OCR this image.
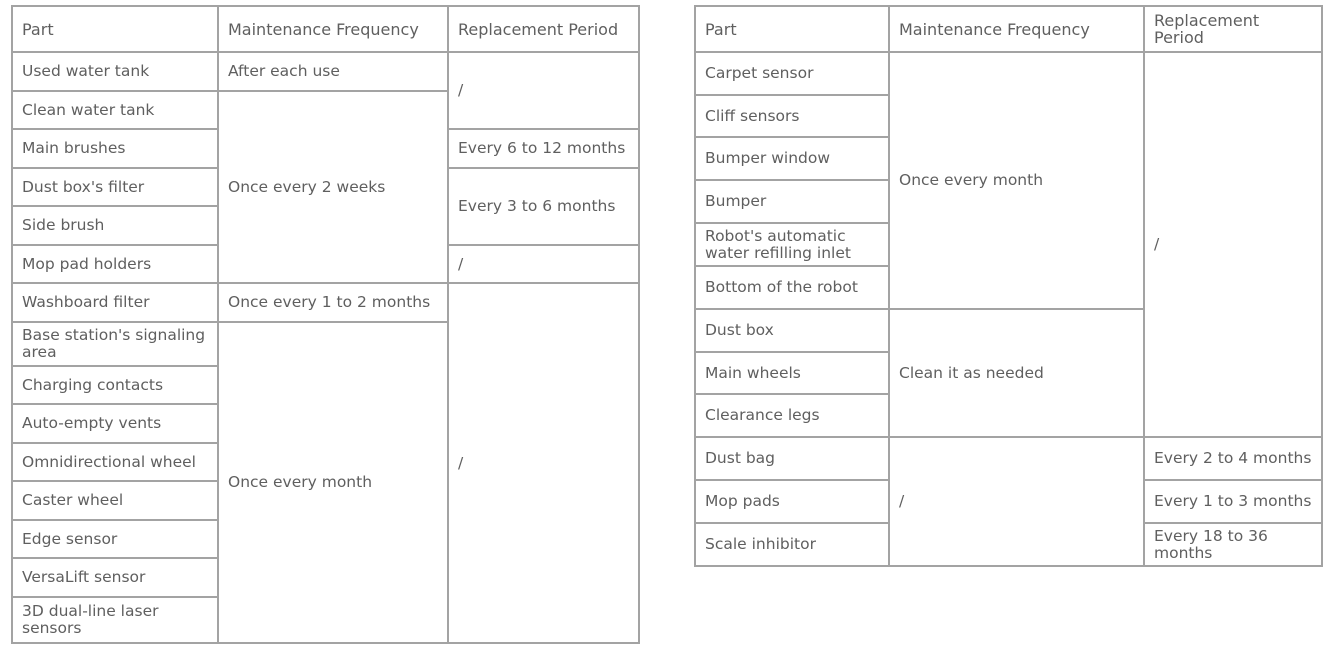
Part	Maintenance Frequency	Replacement Period
Used water tank	After each use	/
Clean water tank	Once every 2 weeks	
Main brushes		Every 6 to 12 months
Dust box's filter		Every 3 to 6 months
Side brush		
Mop pad holders		/
Washboard filter	Once every 1 to 2 months	/
Base station's signaling area	Once every month	
Charging contacts		
Auto-empty vents		
Omnidirectional wheel		
Caster wheel		
Edge sensor		
VersaLift sensor		
3D dual-line laser sensors		
Part	Maintenance Frequency	Replacement Period
Carpet sensor	Once every month	/
Cliff sensors		
Bumper window		
Bumper		
Robot's automatic water refilling inlet		
Bottom of the robot		
Dust box	Clean it as needed	
Main wheels		
Clearance legs		
Dust bag	/	Every 2 to 4 months
Mop pads		Every 1 to 3 months
Scale inhibitor		Every 18 to 36 months
